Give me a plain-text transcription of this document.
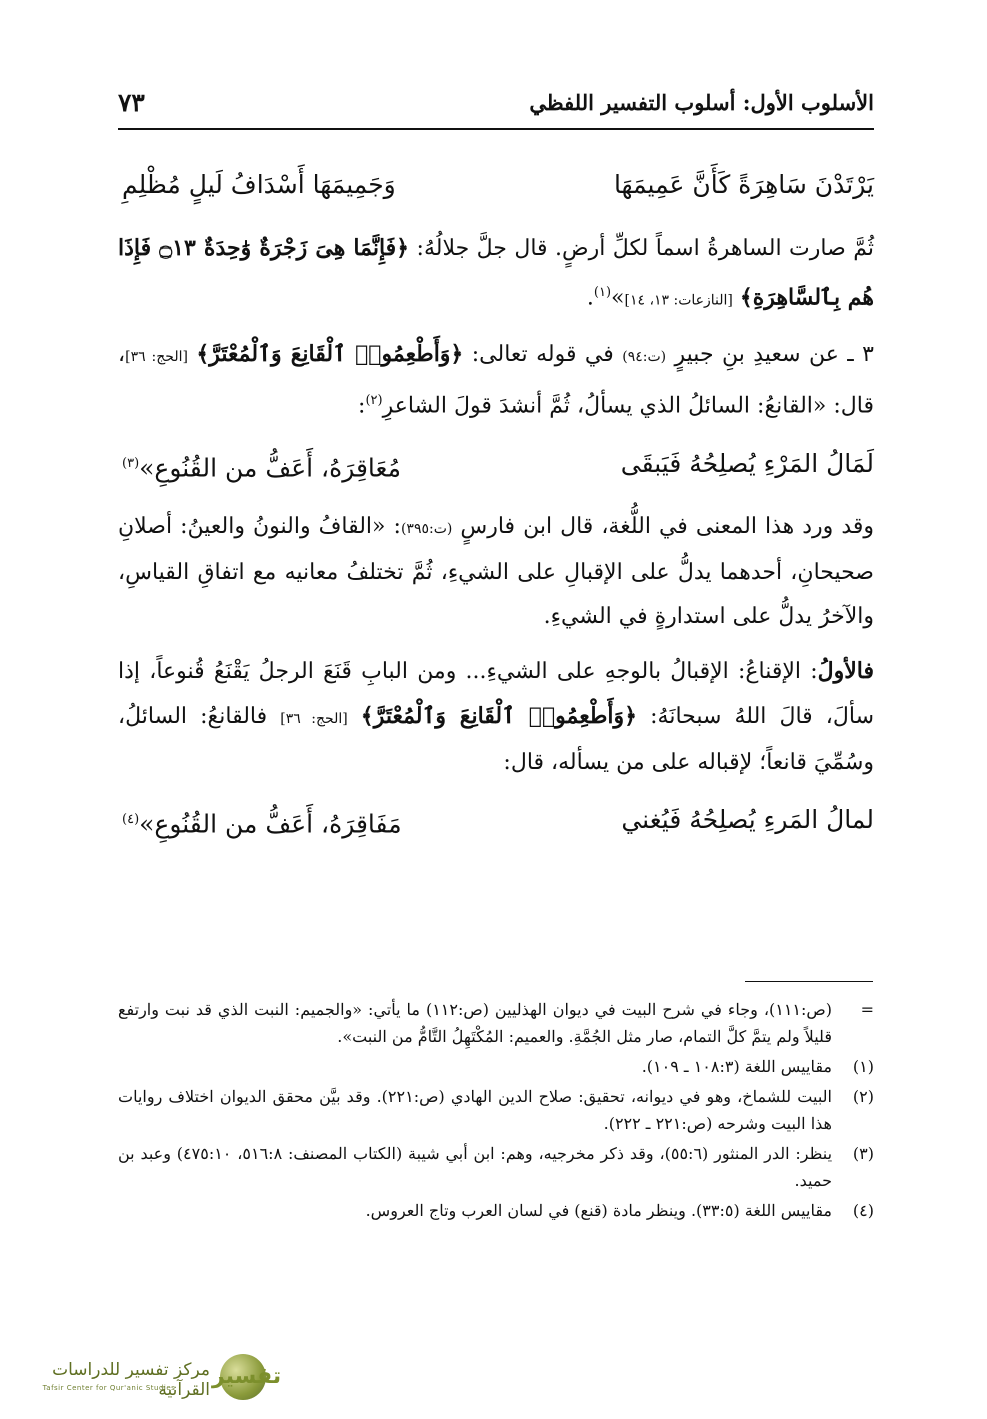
الأسلوب الأول: أسلوب التفسير اللفظي
٧٣
يَرْتَدْنَ سَاهِرَةً كَأَنَّ عَمِيمَهَا
وَجَمِيمَهَا أَسْدَافُ لَيلٍ مُظْلِمِ

ثُمَّ صارت الساهرةُ اسماً لكلِّ أرضٍ. قال جلَّ جلالُهُ: ﴿فَإِنَّمَا هِىَ زَجْرَةٌ وَٰحِدَةٌ ۝١٣ فَإِذَا هُم بِٱلسَّاهِرَةِ﴾ [النازعات: ١٣، ١٤]»$^{(١)}$.

٣ ـ عن سعيدِ بنِ جبيرٍ (ت:٩٤) في قوله تعالى: ﴿وَأَطْعِمُوا۟ ٱلْقَانِعَ وَٱلْمُعْتَرَّ﴾ [الحج: ٣٦]، قال: «القانعُ: السائلُ الذي يسألُ، ثُمَّ أنشدَ قولَ الشاعرِ$^{(٢)}$:

لَمَالُ المَرْءِ يُصلِحُهُ فَيَبقَى
مُعَاقِرَهُ، أَعَفُّ من القُنُوعِ»$^{(٣)}$

وقد ورد هذا المعنى في اللُّغة، قال ابن فارسٍ (ت:٣٩٥): «القافُ والنونُ والعينُ: أصلانِ صحيحانِ، أحدهما يدلُّ على الإقبالِ على الشيءِ، ثُمَّ تختلفُ معانيه مع اتفاقِ القياسِ، والآخرُ يدلُّ على استدارةٍ في الشيءِ.

فالأولُ: الإقناعُ: الإقبالُ بالوجهِ على الشيءِ... ومن البابِ قَنَعَ الرجلُ يَقْنَعُ قُنوعاً، إذا سألَ، قالَ اللهُ سبحانَهُ: ﴿وَأَطْعِمُوا۟ ٱلْقَانِعَ وَٱلْمُعْتَرَّ﴾ [الحج: ٣٦] فالقانعُ: السائلُ، وسُمِّيَ قانعاً؛ لإقباله على من يسأله، قال:

لمالُ المَرءِ يُصلِحُهُ فَيُغني
مَفَاقِرَهُ، أَعَفُّ من القُنُوعِ»$^{(٤)}$
=
(ص:١١١)، وجاء في شرح البيت في ديوان الهذليين (ص:١١٢) ما يأتي: «والجميم: النبت الذي قد نبت وارتفع قليلاً ولم يتمَّ كلَّ التمام، صار مثل الجُمَّةِ. والعميم: المُكْتَهِلُ التَّامُّ من النبت».
(١)
مقاييس اللغة (١٠٨:٣ ـ ١٠٩).
(٢)
البيت للشماخ، وهو في ديوانه، تحقيق: صلاح الدين الهادي (ص:٢٢١). وقد بيَّن محقق الديوان اختلاف روايات هذا البيت وشرحه (ص:٢٢١ ـ ٢٢٢).
(٣)
ينظر: الدر المنثور (٥٥:٦)، وقد ذكر مخرجيه، وهم: ابن أبي شيبة (الكتاب المصنف: ٥١٦:٨، ٤٧٥:١٠) وعبد بن حميد.
(٤)
مقاييس اللغة (٣٣:٥). وينظر مادة (قنع) في لسان العرب وتاج العروس.
تفسير
مركز تفسير للدراسات القرآنية
Tafsir Center for Qur'anic Studies
